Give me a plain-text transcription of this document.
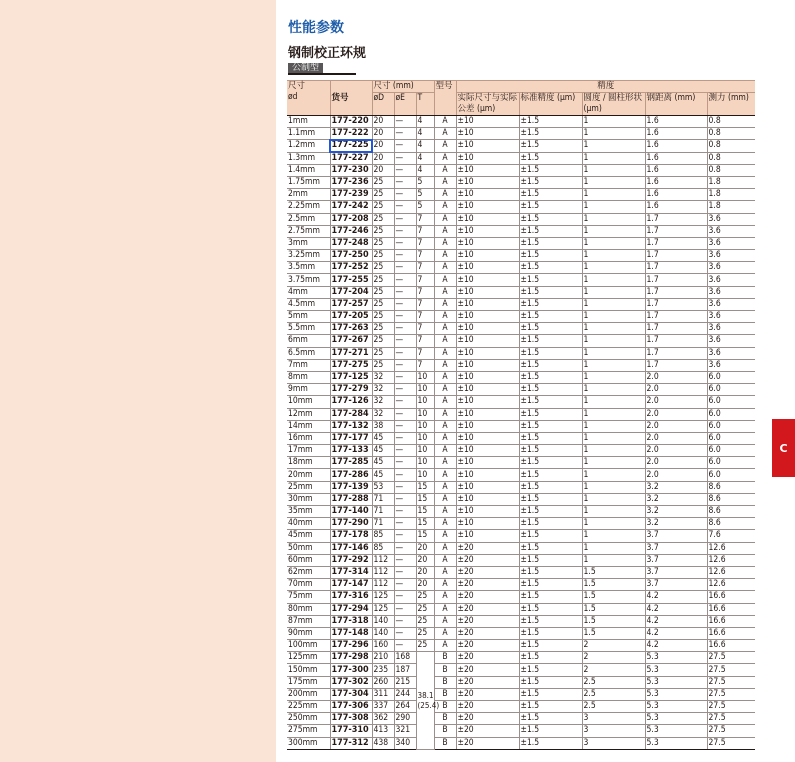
C
性能参数
钢制校正环规
公制型
尺寸
ød	货号	尺寸 (mm)			型号	精度				
		øD	øE	T		实际尺寸与实际公差 (µm)	标准精度 (µm)	圆度 / 圆柱形状 (µm)	钢距离 (mm)	测力 (mm)
1mm	177-220	20	—	4	A	±10	±1.5	1	1.6	0.8
1.1mm	177-222	20	—	4	A	±10	±1.5	1	1.6	0.8
1.2mm	177-225	20	—	4	A	±10	±1.5	1	1.6	0.8
1.3mm	177-227	20	—	4	A	±10	±1.5	1	1.6	0.8
1.4mm	177-230	20	—	4	A	±10	±1.5	1	1.6	0.8
1.75mm	177-236	25	—	5	A	±10	±1.5	1	1.6	1.8
2mm	177-239	25	—	5	A	±10	±1.5	1	1.6	1.8
2.25mm	177-242	25	—	5	A	±10	±1.5	1	1.6	1.8
2.5mm	177-208	25	—	7	A	±10	±1.5	1	1.7	3.6
2.75mm	177-246	25	—	7	A	±10	±1.5	1	1.7	3.6
3mm	177-248	25	—	7	A	±10	±1.5	1	1.7	3.6
3.25mm	177-250	25	—	7	A	±10	±1.5	1	1.7	3.6
3.5mm	177-252	25	—	7	A	±10	±1.5	1	1.7	3.6
3.75mm	177-255	25	—	7	A	±10	±1.5	1	1.7	3.6
4mm	177-204	25	—	7	A	±10	±1.5	1	1.7	3.6
4.5mm	177-257	25	—	7	A	±10	±1.5	1	1.7	3.6
5mm	177-205	25	—	7	A	±10	±1.5	1	1.7	3.6
5.5mm	177-263	25	—	7	A	±10	±1.5	1	1.7	3.6
6mm	177-267	25	—	7	A	±10	±1.5	1	1.7	3.6
6.5mm	177-271	25	—	7	A	±10	±1.5	1	1.7	3.6
7mm	177-275	25	—	7	A	±10	±1.5	1	1.7	3.6
8mm	177-125	32	—	10	A	±10	±1.5	1	2.0	6.0
9mm	177-279	32	—	10	A	±10	±1.5	1	2.0	6.0
10mm	177-126	32	—	10	A	±10	±1.5	1	2.0	6.0
12mm	177-284	32	—	10	A	±10	±1.5	1	2.0	6.0
14mm	177-132	38	—	10	A	±10	±1.5	1	2.0	6.0
16mm	177-177	45	—	10	A	±10	±1.5	1	2.0	6.0
17mm	177-133	45	—	10	A	±10	±1.5	1	2.0	6.0
18mm	177-285	45	—	10	A	±10	±1.5	1	2.0	6.0
20mm	177-286	45	—	10	A	±10	±1.5	1	2.0	6.0
25mm	177-139	53	—	15	A	±10	±1.5	1	3.2	8.6
30mm	177-288	71	—	15	A	±10	±1.5	1	3.2	8.6
35mm	177-140	71	—	15	A	±10	±1.5	1	3.2	8.6
40mm	177-290	71	—	15	A	±10	±1.5	1	3.2	8.6
45mm	177-178	85	—	15	A	±10	±1.5	1	3.7	7.6
50mm	177-146	85	—	20	A	±20	±1.5	1	3.7	12.6
60mm	177-292	112	—	20	A	±20	±1.5	1	3.7	12.6
62mm	177-314	112	—	20	A	±20	±1.5	1.5	3.7	12.6
70mm	177-147	112	—	20	A	±20	±1.5	1.5	3.7	12.6
75mm	177-316	125	—	25	A	±20	±1.5	1.5	4.2	16.6
80mm	177-294	125	—	25	A	±20	±1.5	1.5	4.2	16.6
87mm	177-318	140	—	25	A	±20	±1.5	1.5	4.2	16.6
90mm	177-148	140	—	25	A	±20	±1.5	1.5	4.2	16.6
100mm	177-296	160	—	25	A	±20	±1.5	2	4.2	16.6
125mm	177-298	210	168	38.1 (25.4)	B	±20	±1.5	2	5.3	27.5
150mm	177-300	235	187		B	±20	±1.5	2	5.3	27.5
175mm	177-302	260	215		B	±20	±1.5	2.5	5.3	27.5
200mm	177-304	311	244		B	±20	±1.5	2.5	5.3	27.5
225mm	177-306	337	264		B	±20	±1.5	2.5	5.3	27.5
250mm	177-308	362	290		B	±20	±1.5	3	5.3	27.5
275mm	177-310	413	321		B	±20	±1.5	3	5.3	27.5
300mm	177-312	438	340		B	±20	±1.5	3	5.3	27.5
